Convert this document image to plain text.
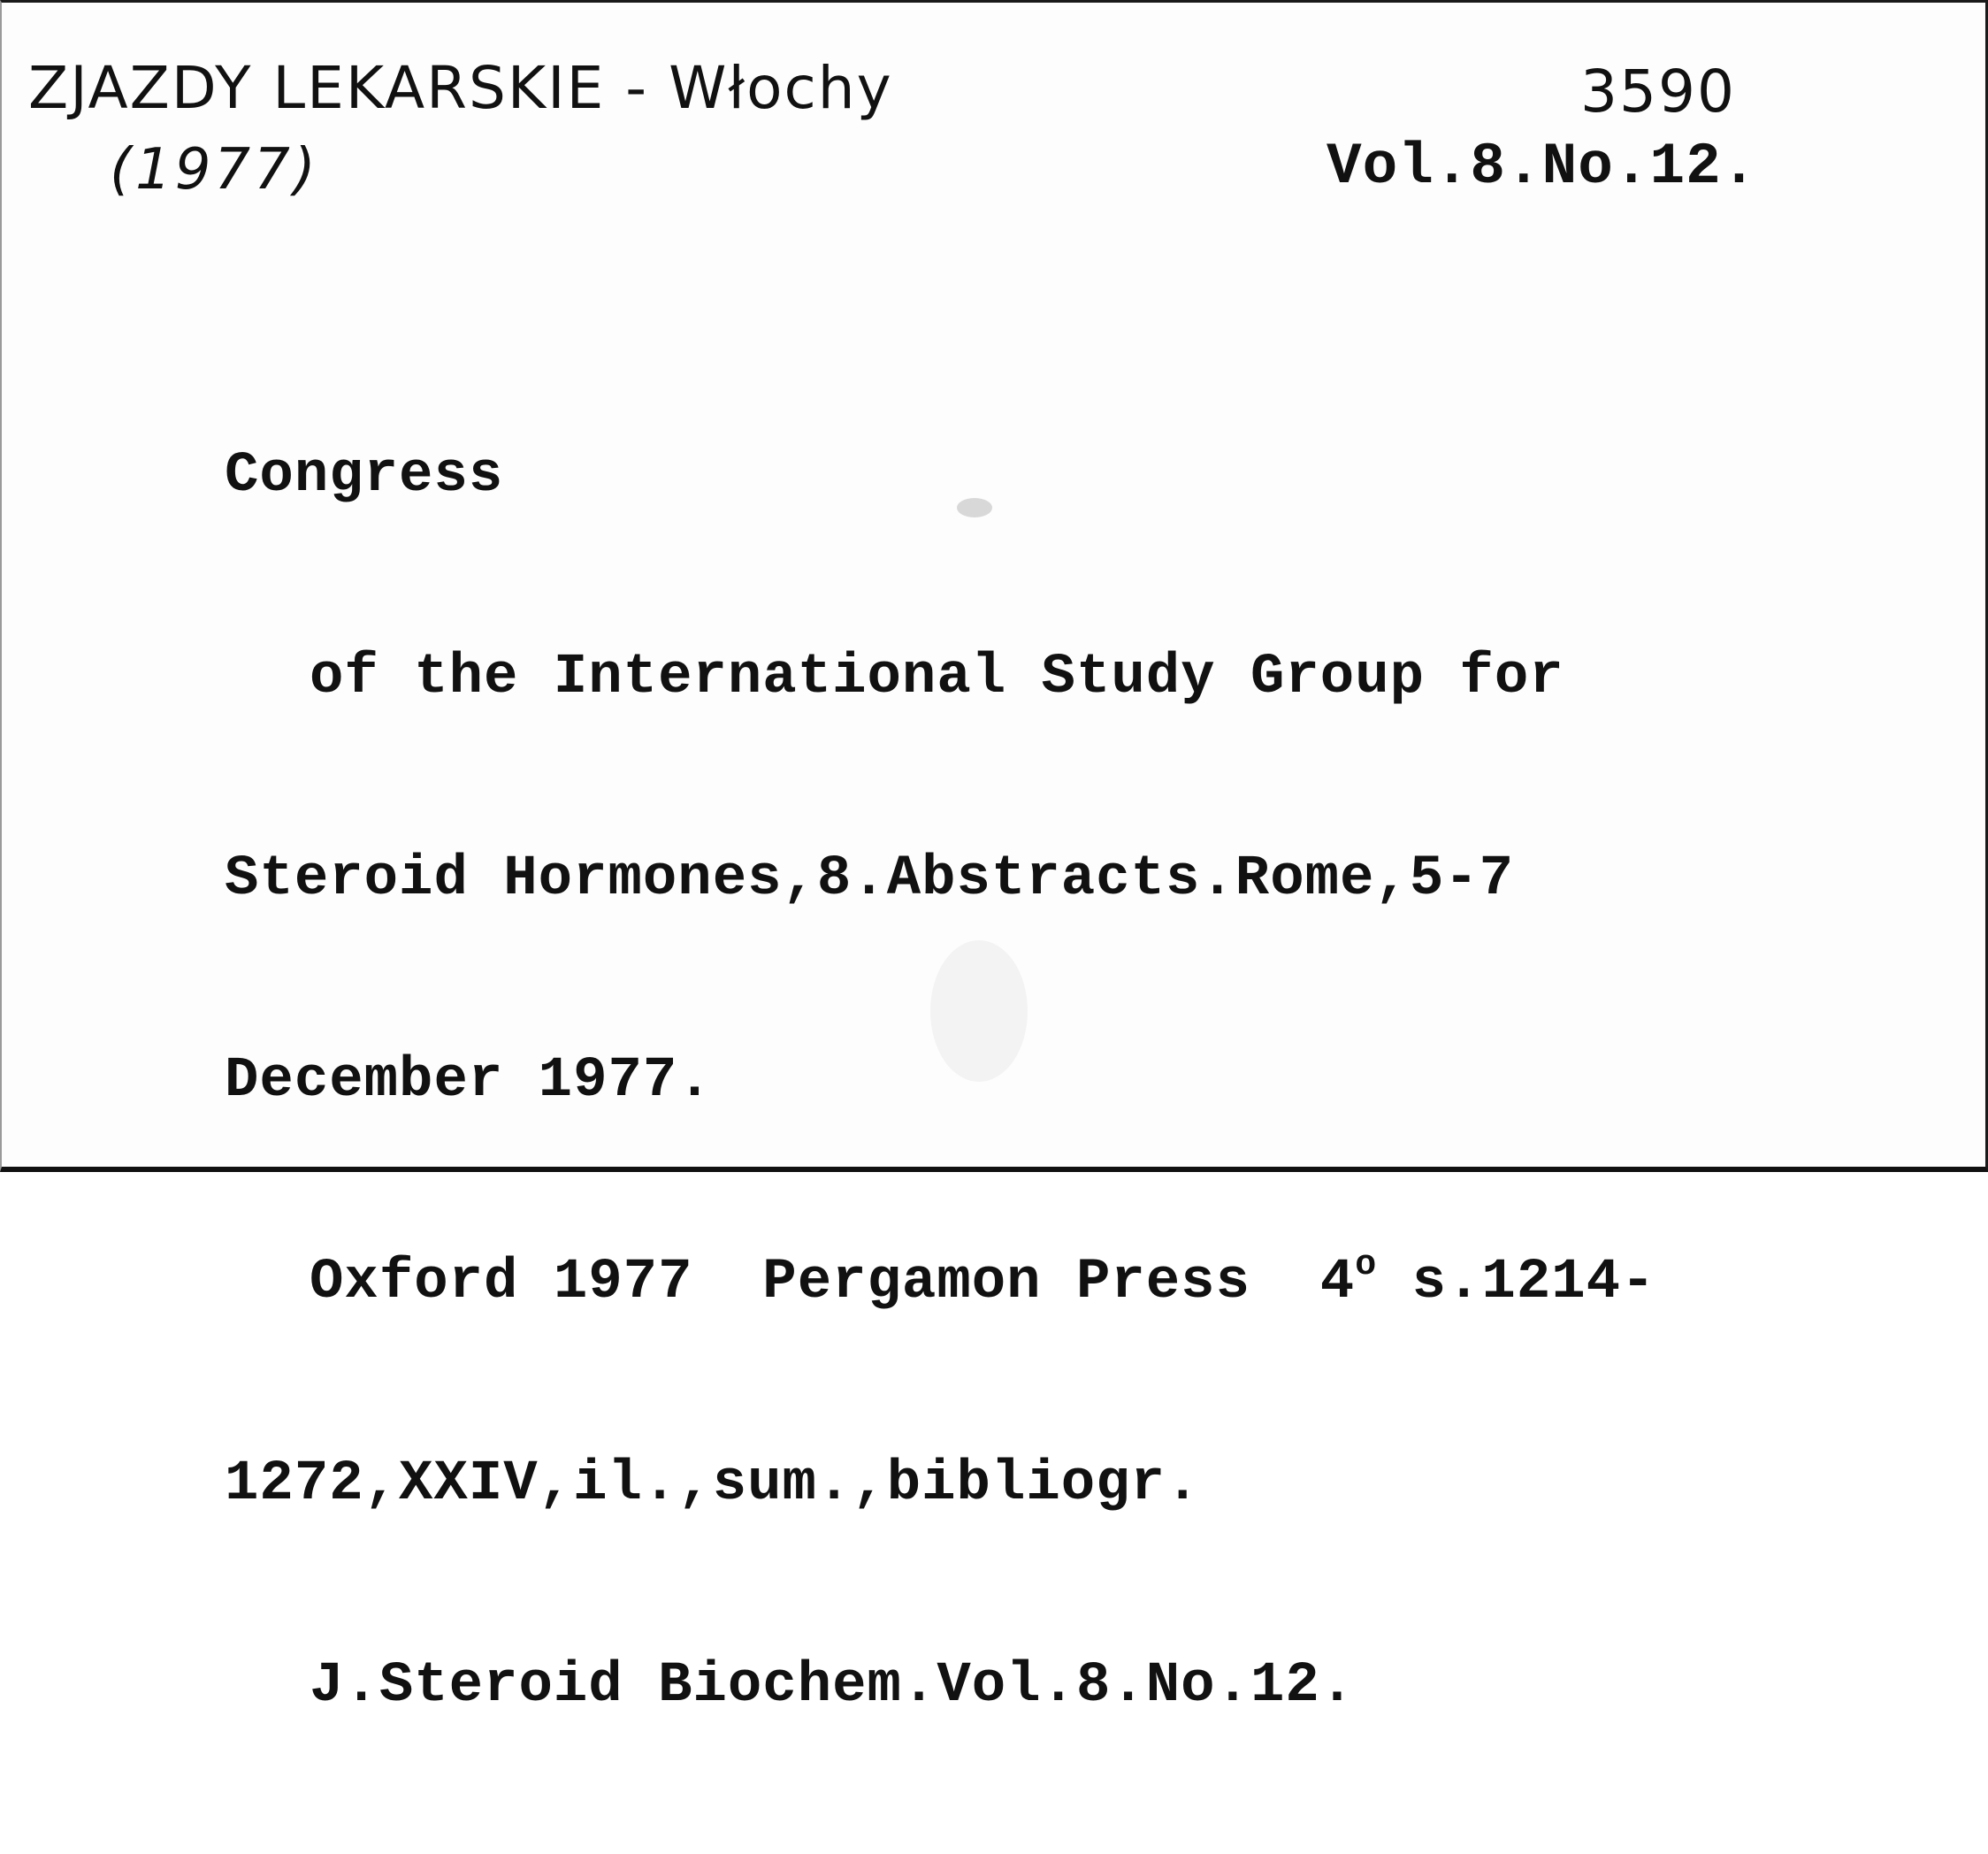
ZJAZDY LEKARSKIE - Włochy
(1977)
3590
Vol.8.No.12.

Congress

of the International Study Group for

Steroid Hormones,8.Abstracts.Rome,5-7

December 1977.

Oxford 1977  Pergamon Press  4$^o$ s.1214-

1272,XXIV,il.,sum.,bibliogr.

J.Steroid Biochem.Vol.8.No.12.
